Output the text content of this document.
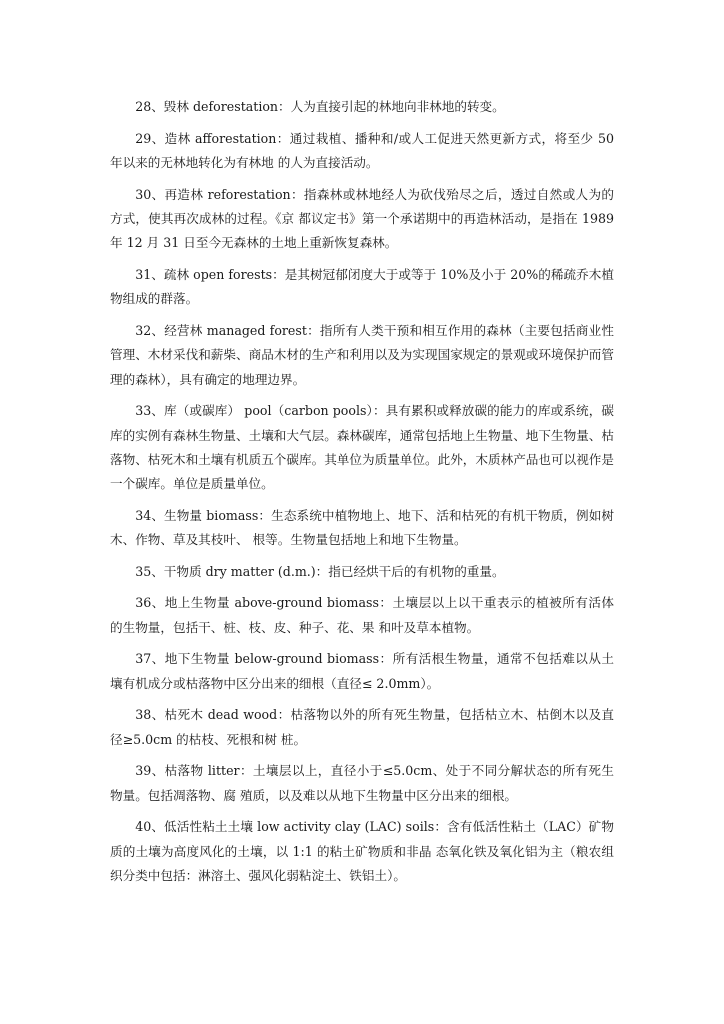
28、毁林 deforestation：人为直接引起的林地向非林地的转变。

29、造林 afforestation：通过栽植、播种和/或人工促进天然更新方式，将至少 50 年以来的无林地转化为有林地 的人为直接活动。

30、再造林 reforestation：指森林或林地经人为砍伐殆尽之后，透过自然或人为的方式，使其再次成林的过程。《京 都议定书》第一个承诺期中的再造林活动，是指在 1989 年 12 月 31 日至今无森林的土地上重新恢复森林。

31、疏林 open forests：是其树冠郁闭度大于或等于 10%及小于 20%的稀疏乔木植物组成的群落。

32、经营林 managed forest：指所有人类干预和相互作用的森林（主要包括商业性管理、木材采伐和薪柴、商品木材的生产和利用以及为实现国家规定的景观或环境保护而管理的森林），具有确定的地理边界。

33、库（或碳库） pool（carbon pools）：具有累积或释放碳的能力的库或系统，碳库的实例有森林生物量、土壤和大气层。森林碳库，通常包括地上生物量、地下生物量、枯落物、枯死木和土壤有机质五个碳库。其单位为质量单位。此外，木质林产品也可以视作是一个碳库。单位是质量单位。

34、生物量 biomass：生态系统中植物地上、地下、活和枯死的有机干物质，例如树木、作物、草及其枝叶、 根等。生物量包括地上和地下生物量。

35、干物质 dry matter (d.m.)：指已经烘干后的有机物的重量。

36、地上生物量 above-ground biomass：土壤层以上以干重表示的植被所有活体的生物量，包括干、桩、枝、皮、种子、花、果 和叶及草本植物。

37、地下生物量 below-ground biomass：所有活根生物量，通常不包括难以从土壤有机成分或枯落物中区分出来的细根（直径≤ 2.0mm）。

38、枯死木 dead wood：枯落物以外的所有死生物量，包括枯立木、枯倒木以及直径≥5.0cm 的枯枝、死根和树 桩。

39、枯落物 litter：土壤层以上，直径小于≤5.0cm、处于不同分解状态的所有死生物量。包括凋落物、腐 殖质，以及难以从地下生物量中区分出来的细根。

40、低活性粘土土壤 low activity clay (LAC) soils：含有低活性粘土（LAC）矿物质的土壤为高度风化的土壤，以 1:1 的粘土矿物质和非晶 态氧化铁及氧化铝为主（粮农组织分类中包括：淋溶土、强风化弱粘淀土、铁铝土）。
